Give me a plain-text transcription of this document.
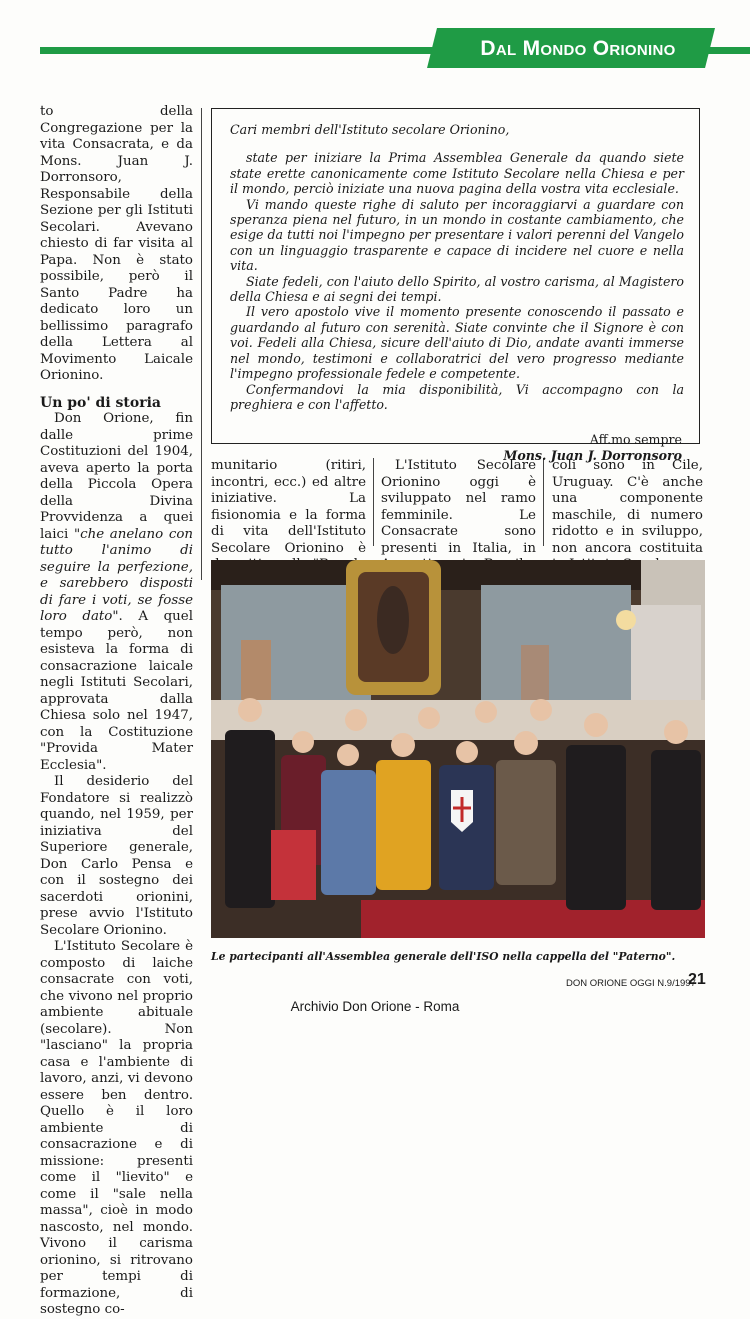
Dal Mondo Orionino

to della Congregazione per la vita Consacrata, e da Mons. Juan J. Dorronsoro, Responsabile della Sezione per gli Istituti Secolari. Avevano chiesto di far visita al Papa. Non è stato possibile, però il Santo Padre ha dedicato loro un bellissimo paragrafo della Lettera al Movimento Laicale Orionino.

Un po' di storia

Don Orione, fin dalle prime Costituzioni del 1904, aveva aperto la porta della Piccola Opera della Divina Provvidenza a quei laici "che anelano con tutto l'animo di seguire la perfezione, e sarebbero disposti di fare i voti, se fosse loro dato". A quel tempo però, non esisteva la forma di consacrazione laicale negli Istituti Secolari, approvata dalla Chiesa solo nel 1947, con la Costituzione "Provida Mater Ecclesia".

Il desiderio del Fondatore si realizzò quando, nel 1959, per iniziativa del Superiore generale, Don Carlo Pensa e con il sostegno dei sacerdoti orionini, prese avvio l'Istituto Secolare Orionino.

L'Istituto Secolare è composto di laiche consacrate con voti, che vivono nel proprio ambiente abituale (secolare). Non "lasciano" la propria casa e l'ambiente di lavoro, anzi, vi devono essere ben dentro. Quello è il loro ambiente di consacrazione e di missione: presenti come il "lievito" e come il "sale nella massa", cioè in modo nascosto, nel mondo. Vivono il carisma orionino, si ritrovano per tempi di formazione, di sostegno co-

Cari membri dell'Istituto secolare Orionino,

state per iniziare la Prima Assemblea Generale da quando siete state erette canonicamente come Istituto Secolare nella Chiesa e per il mondo, perciò iniziate una nuova pagina della vostra vita ecclesiale.

Vi mando queste righe di saluto per incoraggiarvi a guardare con speranza piena nel futuro, in un mondo in costante cambiamento, che esige da tutti noi l'impegno per presentare i valori perenni del Vangelo con un linguaggio trasparente e capace di incidere nel cuore e nella vita.

Siate fedeli, con l'aiuto dello Spirito, al vostro carisma, al Magistero della Chiesa e ai segni dei tempi.

Il vero apostolo vive il momento presente conoscendo il passato e guardando al futuro con serenità. Siate convinte che il Signore è con voi. Fedeli alla Chiesa, sicure dell'aiuto di Dio, andate avanti immerse nel mondo, testimoni e collaboratrici del vero progresso mediante l'impegno professionale fedele e competente.

Confermandovi la mia disponibilità, Vi accompagno con la preghiera e con l'affetto.

Aff.mo sempre
Mons. Juan J. Dorronsoro

munitario (ritiri, incontri, ecc.) ed altre iniziative. La fisionomia e la forma di vita dell'Istituto Secolare Orionino è

L'Istituto Secolare Orionino oggi è sviluppato nel ramo femminile. Le Consacrate sono presenti in Italia, in

coli sono in Cile, Uruguay. C'è anche una componente maschile, di numero ridotto e in sviluppo, non ancora costituita

Le partecipanti all'Assemblea generale dell'ISO nella cappella del "Paterno".
DON ORIONE OGGI N.9/1997
21
Archivio Don Orione - Roma
